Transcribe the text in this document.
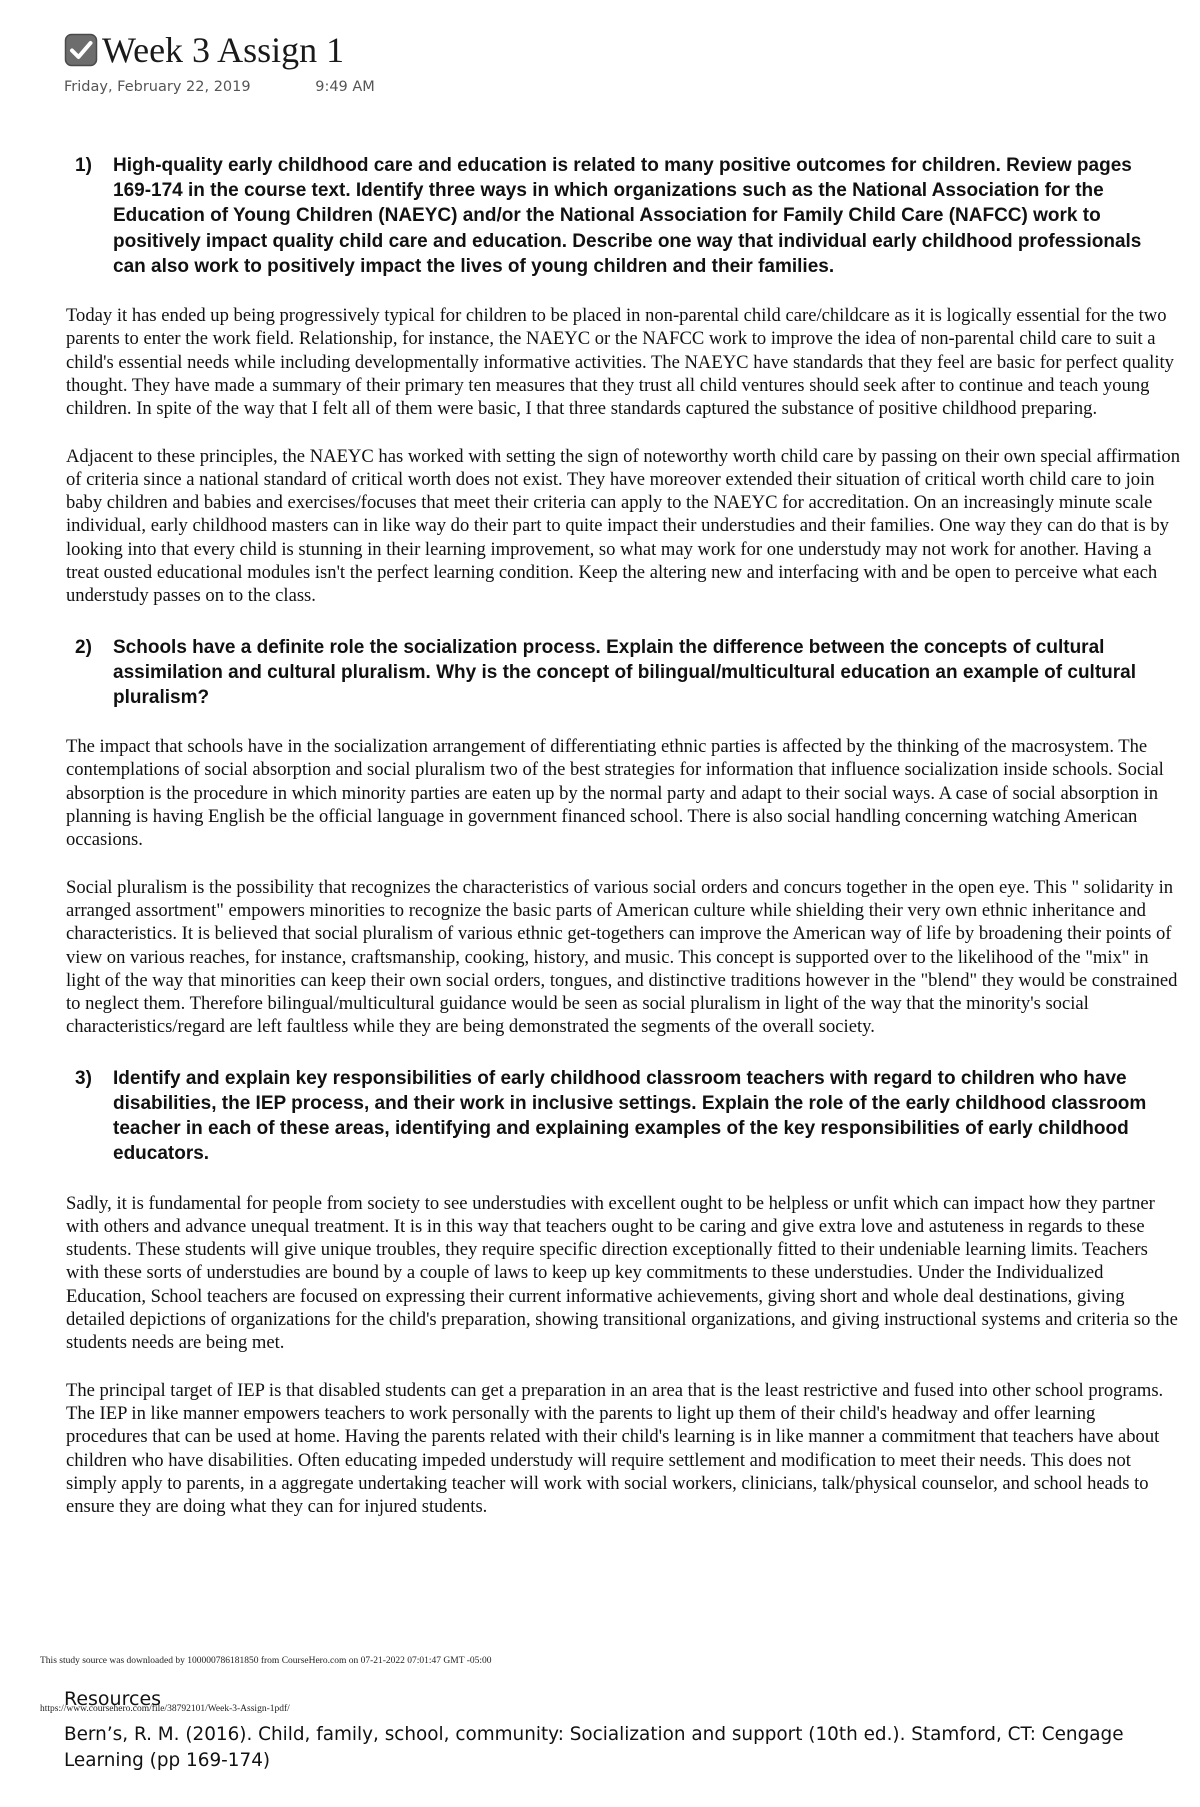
Week 3 Assign 1
Friday, February 22, 2019	9:49 AM
1)	High-quality early childhood care and education is related to many positive outcomes for children. Review pages 169-174 in the course text. Identify three ways in which organizations such as the National Association for the Education of Young Children (NAEYC) and/or the National Association for Family Child Care (NAFCC) work to positively impact quality child care and education. Describe one way that individual early childhood professionals can also work to positively impact the lives of young children and their families.

Today it has ended up being progressively typical for children to be placed in non-parental child care/childcare as it is logically essential for the two parents to enter the work field. Relationship, for instance, the NAEYC or the NAFCC work to improve the idea of non-parental child care to suit a child's essential needs while including developmentally informative activities. The NAEYC have standards that they feel are basic for perfect quality thought. They have made a summary of their primary ten measures that they trust all child ventures should seek after to continue and teach young children. In spite of the way that I felt all of them were basic, I that three standards captured the substance of positive childhood preparing.

Adjacent to these principles, the NAEYC has worked with setting the sign of noteworthy worth child care by passing on their own special affirmation of criteria since a national standard of critical worth does not exist. They have moreover extended their situation of critical worth child care to join baby children and babies and exercises/focuses that meet their criteria can apply to the NAEYC for accreditation. On an increasingly minute scale individual, early childhood masters can in like way do their part to quite impact their understudies and their families. One way they can do that is by looking into that every child is stunning in their learning improvement, so what may work for one understudy may not work for another. Having a treat ousted educational modules isn't the perfect learning condition. Keep the altering new and interfacing with and be open to perceive what each understudy passes on to the class.

2)	Schools have a definite role the socialization process. Explain the difference between the concepts of cultural assimilation and cultural pluralism. Why is the concept of bilingual/multicultural education an example of cultural pluralism?

The impact that schools have in the socialization arrangement of differentiating ethnic parties is affected by the thinking of the macrosystem. The contemplations of social absorption and social pluralism two of the best strategies for information that influence socialization inside schools. Social absorption is the procedure in which minority parties are eaten up by the normal party and adapt to their social ways. A case of social absorption in planning is having English be the official language in government financed school. There is also social handling concerning watching American occasions.

Social pluralism is the possibility that recognizes the characteristics of various social orders and concurs together in the open eye. This " solidarity in arranged assortment" empowers minorities to recognize the basic parts of American culture while shielding their very own ethnic inheritance and characteristics. It is believed that social pluralism of various ethnic get-togethers can improve the American way of life by broadening their points of view on various reaches, for instance, craftsmanship, cooking, history, and music. This concept is supported over to the likelihood of the "mix" in light of the way that minorities can keep their own social orders, tongues, and distinctive traditions however in the "blend" they would be constrained to neglect them. Therefore bilingual/multicultural guidance would be seen as social pluralism in light of the way that the minority's social characteristics/regard are left faultless while they are being demonstrated the segments of the overall society.

3)	Identify and explain key responsibilities of early childhood classroom teachers with regard to children who have disabilities, the IEP process, and their work in inclusive settings. Explain the role of the early childhood classroom teacher in each of these areas, identifying and explaining examples of the key responsibilities of early childhood educators.

Sadly, it is fundamental for people from society to see understudies with excellent ought to be helpless or unfit which can impact how they partner with others and advance unequal treatment. It is in this way that teachers ought to be caring and give extra love and astuteness in regards to these students. These students will give unique troubles, they require specific direction exceptionally fitted to their undeniable learning limits. Teachers with these sorts of understudies are bound by a couple of laws to keep up key commitments to these understudies. Under the Individualized Education, School teachers are focused on expressing their current informative achievements, giving short and whole deal destinations, giving detailed depictions of organizations for the child's preparation, showing transitional organizations, and giving instructional systems and criteria so the students needs are being met.

The principal target of IEP is that disabled students can get a preparation in an area that is the least restrictive and fused into other school programs. The IEP in like manner empowers teachers to work personally with the parents to light up them of their child's headway and offer learning procedures that can be used at home. Having the parents related with their child's learning is in like manner a commitment that teachers have about children who have disabilities. Often educating impeded understudy will require settlement and modification to meet their needs. This does not simply apply to parents, in a aggregate undertaking teacher will work with social workers, clinicians, talk/physical counselor, and school heads to ensure they are doing what they can for injured students.

This study source was downloaded by 100000786181850 from CourseHero.com on 07-21-2022 07:01:47 GMT -05:00
https://www.coursehero.com/file/38792101/Week-3-Assign-1pdf/
Resources
Bern’s, R. M. (2016). Child, family, school, community: Socialization and support (10th ed.). Stamford, CT: Cengage Learning (pp 169-174)
